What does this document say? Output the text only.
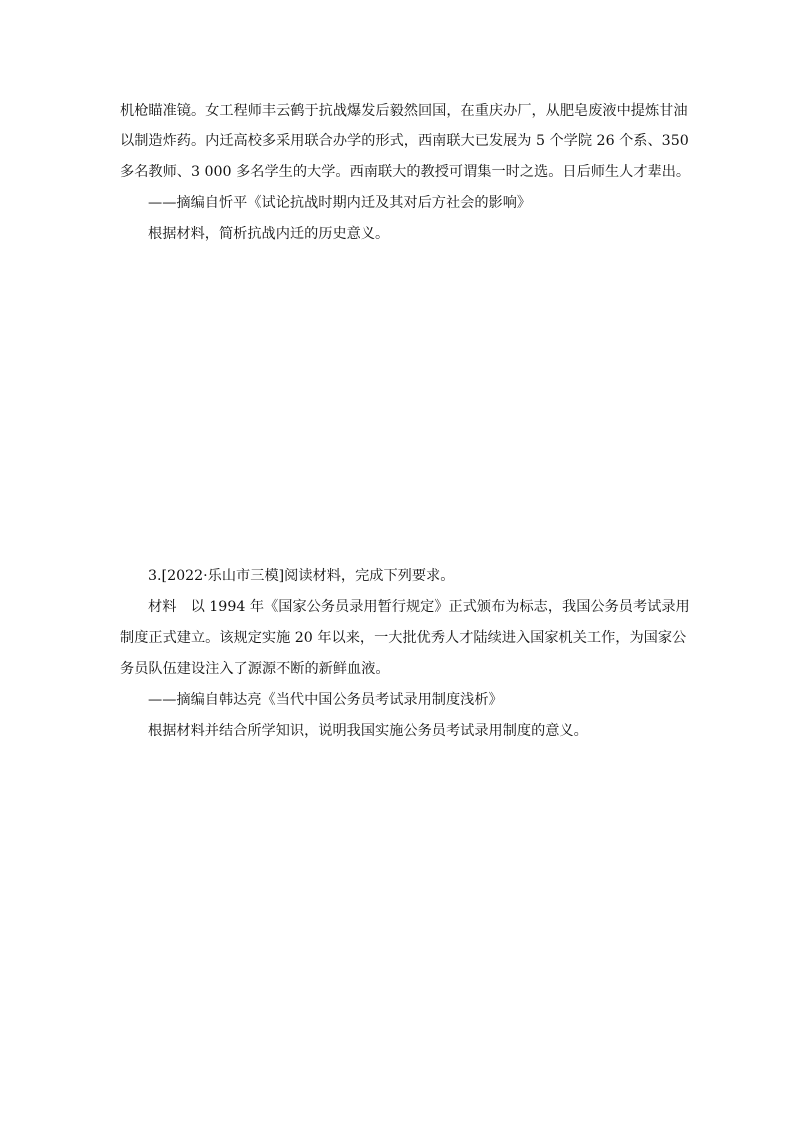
机枪瞄准镜。女工程师丰云鹤于抗战爆发后毅然回国，在重庆办厂，从肥皂废液中提炼甘油
以制造炸药。内迁高校多采用联合办学的形式，西南联大已发展为 5 个学院 26 个系、350
多名教师、3 000 多名学生的大学。西南联大的教授可谓集一时之选。日后师生人才辈出。
——摘编自忻平《试论抗战时期内迁及其对后方社会的影响》
根据材料，简析抗战内迁的历史意义。
3.[2022·乐山市三模]阅读材料，完成下列要求。
材料　以 1994 年《国家公务员录用暂行规定》正式颁布为标志，我国公务员考试录用
制度正式建立。该规定实施 20 年以来，一大批优秀人才陆续进入国家机关工作，为国家公
务员队伍建设注入了源源不断的新鲜血液。
——摘编自韩达亮《当代中国公务员考试录用制度浅析》
根据材料并结合所学知识，说明我国实施公务员考试录用制度的意义。
